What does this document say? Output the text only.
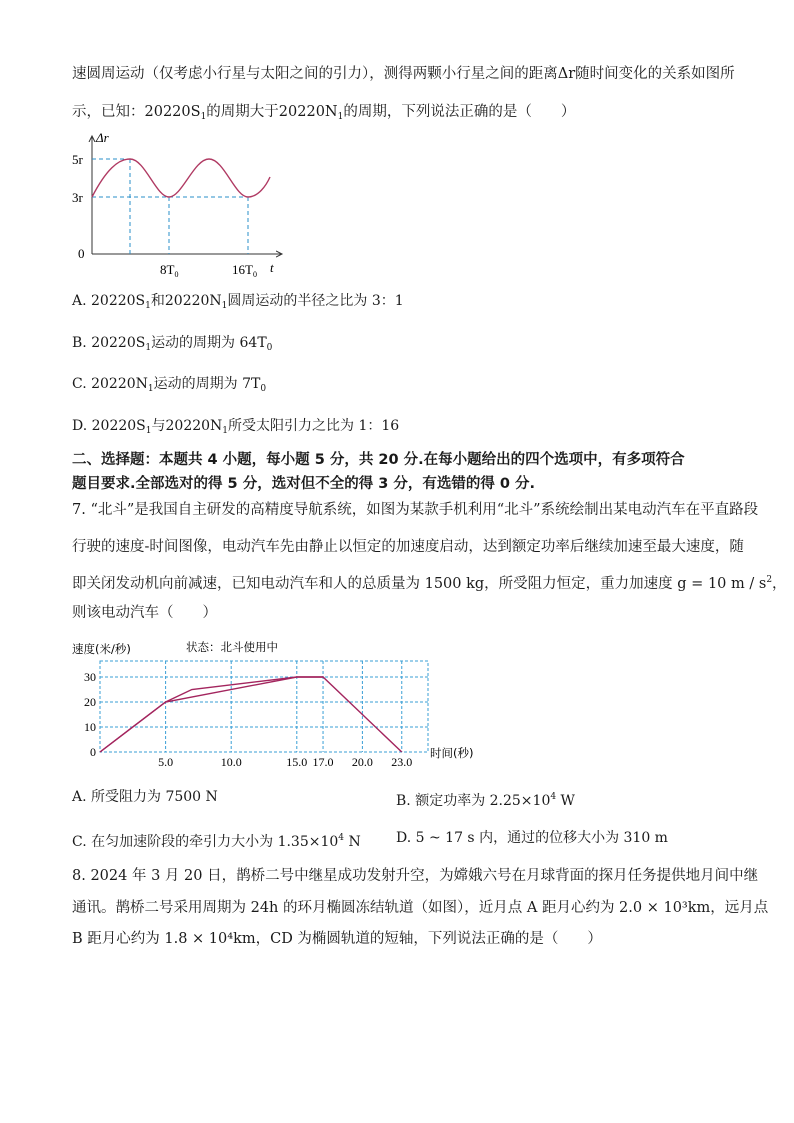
速圆周运动（仅考虑小行星与太阳之间的引力），测得两颗小行星之间的距离Δr随时间变化的关系如图所
示，已知：$20220S_1$的周期大于$20220N_1$的周期，下列说法正确的是（　　）
Δr
5r
3r
0
$8T_0$	$16T_0$ t
A. $20220S_1$和$20220N_1$圆周运动的半径之比为 3：1
B. $20220S_1$运动的周期为 $64T_0$
C. $20220N_1$运动的周期为 $7T_0$
D. $20220S_1$与$20220N_1$所受太阳引力之比为 1：16
二、选择题：本题共 4 小题，每小题 5 分，共 20 分.在每小题给出的四个选项中，有多项符合
题目要求.全部选对的得 5 分，选对但不全的得 3 分，有选错的得 0 分.
7. “北斗”是我国自主研发的高精度导航系统，如图为某款手机利用“北斗”系统绘制出某电动汽车在平直路段
行驶的速度-时间图像，电动汽车先由静止以恒定的加速度启动，达到额定功率后继续加速至最大速度，随
即关闭发动机向前减速，已知电动汽车和人的总质量为 1500 kg，所受阻力恒定，重力加速度 g = 10 m / $s^2$，
则该电动汽车（　　）
速度(米/秒)	状态：北斗使用中
时间(秒)
0
10
20
30
5.0	10.0	15.0 17.0 20.0 23.0
A. 所受阻力为 7500 N	B. 额定功率为 $2.25\times 10^4$ W
C. 在匀加速阶段的牵引力大小为 $1.35\times 10^4$ N	D. 5 ~ 17 s 内，通过的位移大小为 310 m
8. 2024 年 3 月 20 日，鹊桥二号中继星成功发射升空，为嫦娥六号在月球背面的探月任务提供地月间中继
通讯。鹊桥二号采用周期为 24h 的环月椭圆冻结轨道（如图），近月点 A 距月心约为 2.0 × 10³km，远月点
B 距月心约为 1.8 × 10⁴km，CD 为椭圆轨道的短轴，下列说法正确的是（　　）
